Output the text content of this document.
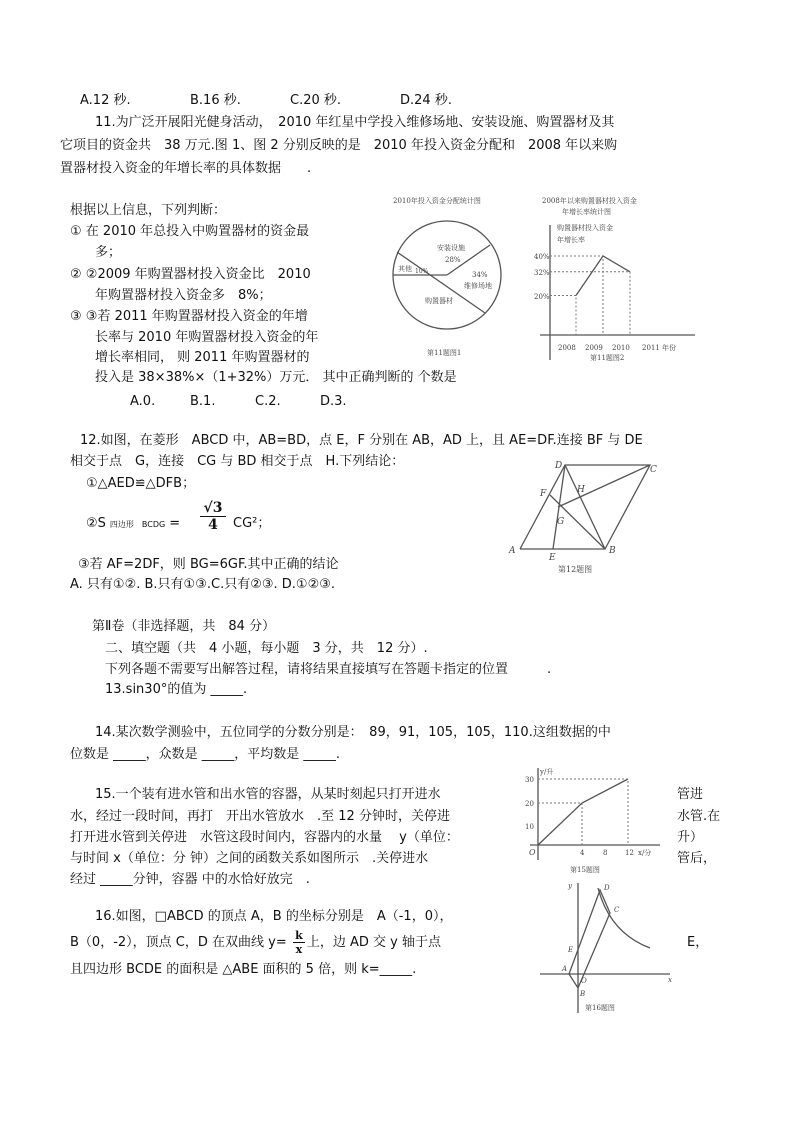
A.12 秒.	B.16 秒.	C.20 秒.	D.24 秒.
11.为广泛开展阳光健身活动，　2010 年红星中学投入维修场地、安装设施、购置器材及其
它项目的资金共　38 万元.图 1、图 2 分别反映的是　2010 年投入资金分配和　2008 年以来购
置器材投入资金的年增长率的具体数据　　.
根据以上信息，下列判断：
① 在 2010 年总投入中购置器材的资金最
多；
② ②2009 年购置器材投入资金比　2010
年购置器材投入资金多　8%；
③ ③若 2011 年购置器材投入资金的年增
长率与 2010 年购置器材投入资金的年
增长率相同， 则 2011 年购置器材的
投入是 38×38%×（1+32%）万元． 其中正确判断的 个数是
A.0.	B.1.	C.2.	D.3.
2010年投入资金分配统计图
安装设施
28%
其他 10%	34%
维修场地
购置器材
第11题图1
2008年以来购置器材投入资金
年增长率统计图
购置器材投入资金
年增长率
2008 2009 2010 2011 年份
40%
32%
20%
第11题图2
12.如图，在菱形　ABCD 中，AB=BD，点 E，F 分别在 AB，AD 上，且 AE=DF.连接 BF 与 DE
相交于点　G，连接　CG 与 BD 相交于点　H.下列结论：
①△AED≌△DFB；
②S 四边形　BCDG = $\frac{√3}{4} CG^2$；
③若 AF=2DF，则 BG=6GF.其中正确的结论
A. 只有①②. B.只有①③.C.只有②③. D.①②③.
D	C
F	H
G
A
E
B
第12题图
第Ⅱ卷（非选择题，共　84 分）
二、填空题（共　4 小题，每小题　3 分，共　12 分）.
下列各题不需要写出解答过程，请将结果直接填写在答题卡指定的位置　　　.
13.sin30°的值为 _____.
14.某次数学测验中，五位同学的分数分别是：　89，91，105，105，110.这组数据的中
位数是 _____，众数是 _____，平均数是 _____.
15.一个装有进水管和出水管的容器，从某时刻起只打开进水
水，经过一段时间，再打　开出水管放水　.至 12 分钟时，关停进
打开进水管到关停进　水管这段时间内，容器内的水量　 y（单位：
与时间 x（单位：分 钟）之间的函数关系如图所示　.关停进水
经过 _____分钟，容器 中的水恰好放完　.
管进
水管.在
升）
管后，
y/升
30
20
10
O	4	8	12 x/分
第15题图
16.如图，□ABCD 的顶点 A，B 的坐标分别是　A（-1，0），
B（0，-2），顶点 C，D 在双曲线 $y= \frac{k}{x}$ 上，边 AD 交 y 轴于点	E，
且四边形 BCDE 的面积是 △ABE 面积的 5 倍，则 k=_____.
y	D
C
E
A
O	x
B
第16题图
